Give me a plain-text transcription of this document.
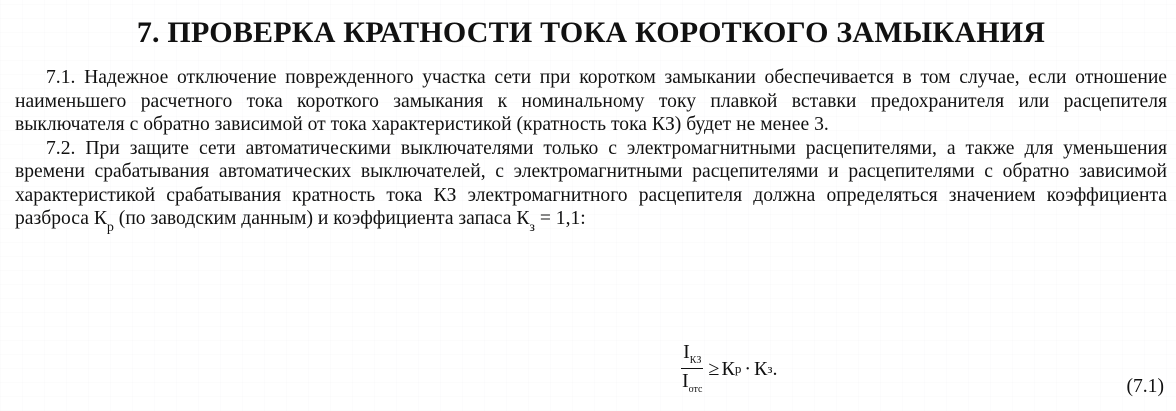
7. ПРОВЕРКА КРАТНОСТИ ТОКА КОРОТКОГО ЗАМЫКАНИЯ

7.1. Надежное отключение поврежденного участка сети при коротком замыкании обеспечивается в том случае, если отношение наименьшего расчетного тока короткого замыкания к номинальному току плавкой вставки предохранителя или расцепителя выключателя с обратно зависимой от тока характеристикой (кратность тока КЗ) будет не менее 3.

7.2. При защите сети автоматическими выключателями только с электромагнитными расцепителями, а также для уменьшения времени срабатывания автоматических выключателей, с электромагнитными расцепителями и расцепителями с обратно зависимой характеристикой срабатывания кратность тока КЗ электромагнитного расцепителя должна определяться значением коэффициента разброса $К_р$ (по заводским данным) и коэффициента запаса $К_з = 1,1$:

$\frac{I_{КЗ}}{I_{отс}} \ge К$ р · К з .
(7.1)
